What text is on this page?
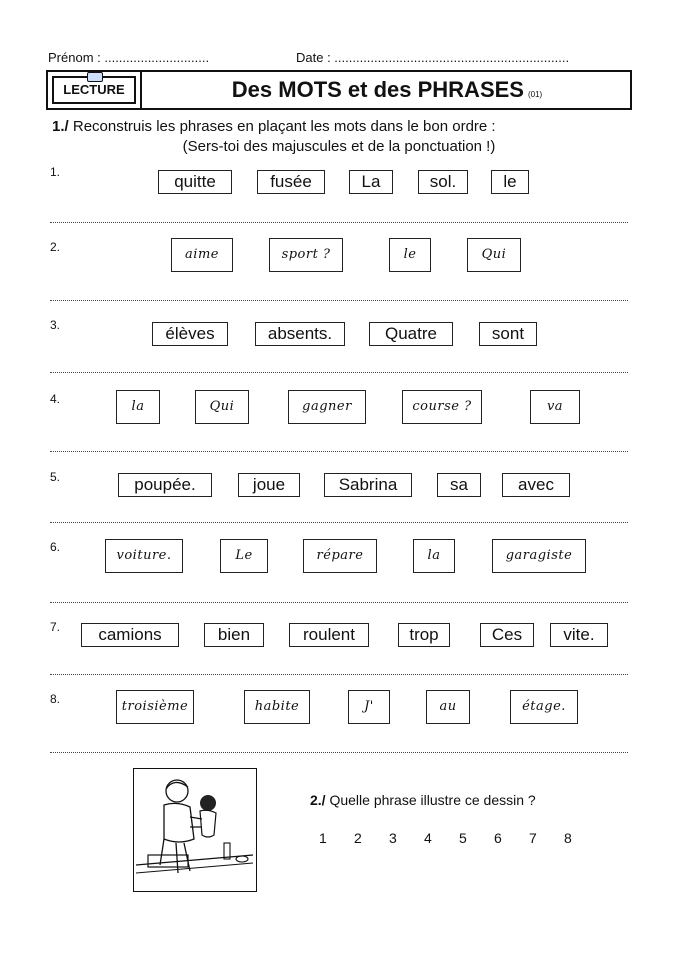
Prénom : .............................	Date : .................................................................
LECTURE	Des MOTS et des PHRASES (01)
1./ Reconstruis les phrases en plaçant les mots dans le bon ordre :
(Sers-toi des majuscules et de la ponctuation !)
1.	quitte	fusée	La	sol.	le
2.	aime	sport ?	le	Qui
3.	élèves	absents.	Quatre	sont
4.	la	Qui	gagner	course ?	va
5.	poupée.	joue	Sabrina	sa	avec
6.
voiture.	Le	répare	la	garagiste
7.	camions	bien	roulent	trop	Ces	vite.
8.	troisième	habite	J'	au	étage.
2./ Quelle phrase illustre ce dessin ?
1 2 3 4 5 6 7 8
